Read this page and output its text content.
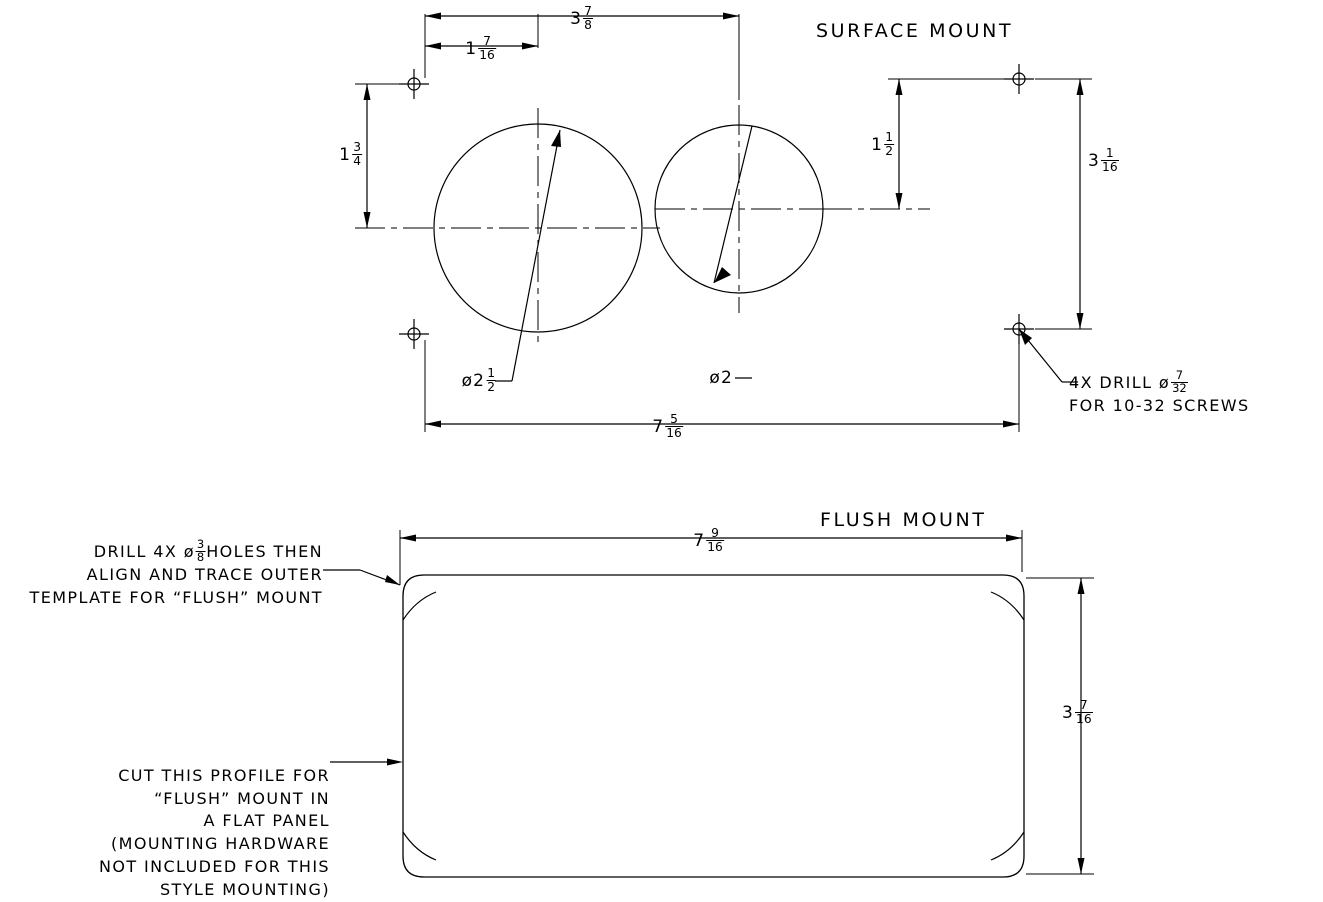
SURFACE MOUNT
FLUSH MOUNT
$3 \frac{7}{8}$
$1 \frac{7}{16}$
$1 \frac{3}{4}$	$1 \frac{1}{2}$
$3 \frac{1}{16}$
$7 \frac{5}{16}$
ø2 $\frac{1}{2}$	ø2	4X DRILL ø $\frac{7}{32}$
FOR 10-32 SCREWS
$7 \frac{9}{16}$
$3 \frac{7}{16}$
DRILL 4X ø $\frac{3}{8}$ HOLES THEN
ALIGN AND TRACE OUTER
TEMPLATE FOR “FLUSH” MOUNT
CUT THIS PROFILE FOR
“FLUSH” MOUNT IN
A FLAT PANEL
(MOUNTING HARDWARE
NOT INCLUDED FOR THIS
STYLE MOUNTING)
